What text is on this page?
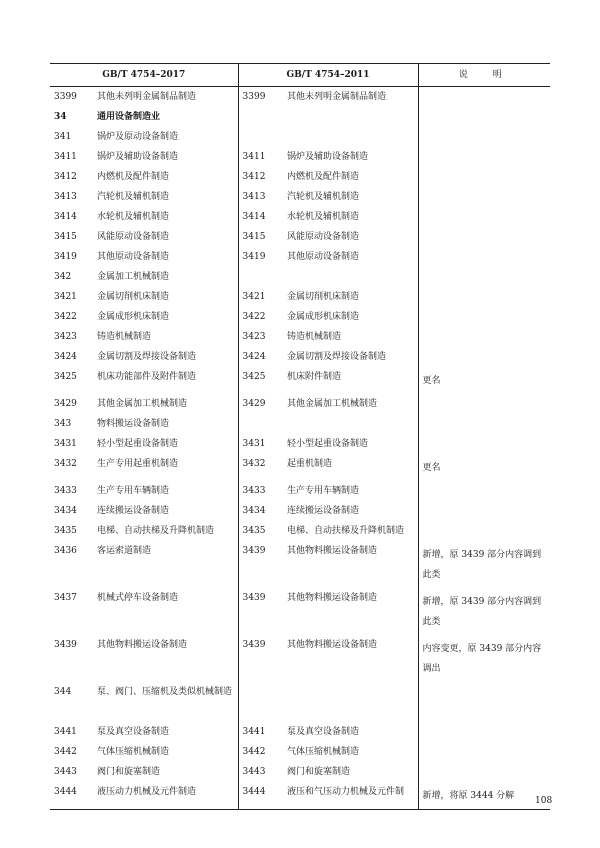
GB/T 4754–2017		GB/T 4754–2011		说　明
3399	其他未列明金属制品制造	3399	其他未列明金属制品制造	
34	通用设备制造业			
341	锅炉及原动设备制造			
3411	锅炉及辅助设备制造	3411	锅炉及辅助设备制造	
3412	内燃机及配件制造	3412	内燃机及配件制造	
3413	汽轮机及辅机制造	3413	汽轮机及辅机制造	
3414	水轮机及辅机制造	3414	水轮机及辅机制造	
3415	风能原动设备制造	3415	风能原动设备制造	
3419	其他原动设备制造	3419	其他原动设备制造	
342	金属加工机械制造			
3421	金属切削机床制造	3421	金属切削机床制造	
3422	金属成形机床制造	3422	金属成形机床制造	
3423	铸造机械制造	3423	铸造机械制造	
3424	金属切割及焊接设备制造	3424	金属切割及焊接设备制造	
3425	机床功能部件及附件制造	3425	机床附件制造	更名
3429	其他金属加工机械制造	3429	其他金属加工机械制造	
343	物料搬运设备制造			
3431	轻小型起重设备制造	3431	轻小型起重设备制造	
3432	生产专用起重机制造	3432	起重机制造	更名
3433	生产专用车辆制造	3433	生产专用车辆制造	
3434	连续搬运设备制造	3434	连续搬运设备制造	
3435	电梯、自动扶梯及升降机制造	3435	电梯、自动扶梯及升降机制造	
3436	客运索道制造	3439	其他物料搬运设备制造	新增，原 3439 部分内容调到此类
3437	机械式停车设备制造	3439	其他物料搬运设备制造	新增，原 3439 部分内容调到此类
3439	其他物料搬运设备制造	3439	其他物料搬运设备制造	内容变更，原 3439 部分内容调出
344	泵、阀门、压缩机及类似机械制造			
3441	泵及真空设备制造	3441	泵及真空设备制造	
3442	气体压缩机械制造	3442	气体压缩机械制造	
3443	阀门和旋塞制造	3443	阀门和旋塞制造	
3444	液压动力机械及元件制造	3444	液压和气压动力机械及元件制	新增，将原 3444 分解 108
